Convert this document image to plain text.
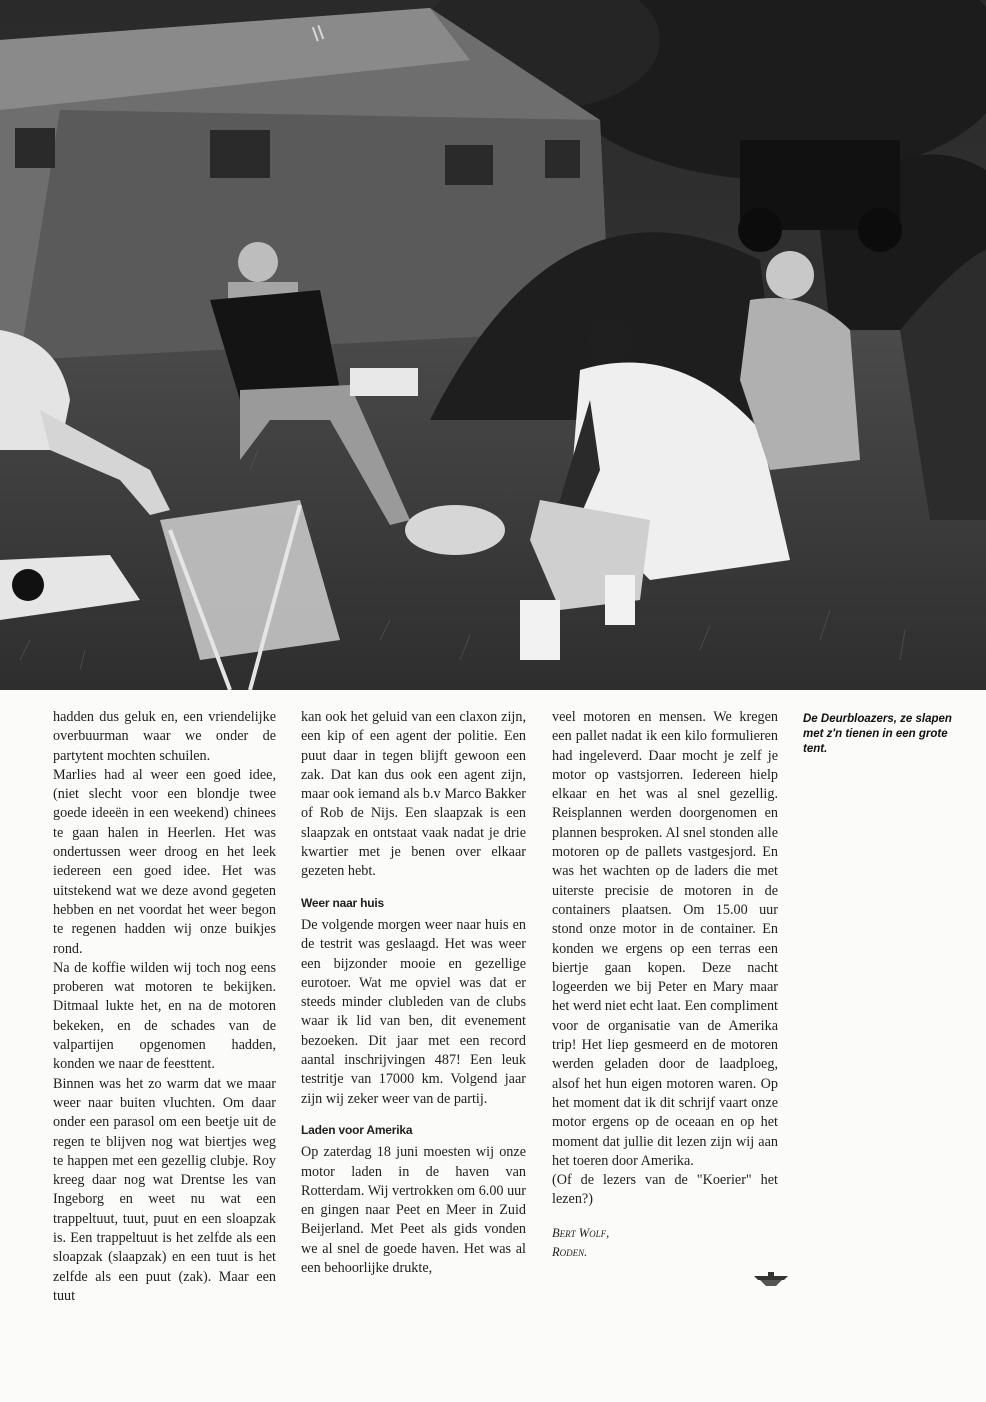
II

hadden dus geluk en, een vriendelijke overbuurman waar we onder de partytent mochten schuilen.

Marlies had al weer een goed idee, (niet slecht voor een blondje twee goede ideeën in een weekend) chinees te gaan halen in Heerlen. Het was ondertussen weer droog en het leek iedereen een goed idee. Het was uitstekend wat we deze avond gegeten hebben en net voordat het weer begon te regenen hadden wij onze buikjes rond.

Na de koffie wilden wij toch nog eens proberen wat motoren te bekijken. Ditmaal lukte het, en na de motoren bekeken, en de schades van de valpartijen opgenomen hadden, konden we naar de feesttent.

Binnen was het zo warm dat we maar weer naar buiten vluchten. Om daar onder een parasol om een beetje uit de regen te blijven nog wat biertjes weg te happen met een gezellig clubje. Roy kreeg daar nog wat Drentse les van Ingeborg en weet nu wat een trappeltuut, tuut, puut en een sloapzak is. Een trappeltuut is het zelfde als een sloapzak (slaapzak) en een tuut is het zelfde als een puut (zak). Maar een tuut

kan ook het geluid van een claxon zijn, een kip of een agent der politie. Een puut daar in tegen blijft gewoon een zak. Dat kan dus ook een agent zijn, maar ook iemand als b.v Marco Bakker of Rob de Nijs. Een slaapzak is een slaapzak en ontstaat vaak nadat je drie kwartier met je benen over elkaar gezeten hebt.

Weer naar huis

De volgende morgen weer naar huis en de testrit was geslaagd. Het was weer een bijzonder mooie en gezellige eurotoer. Wat me opviel was dat er steeds minder clubleden van de clubs waar ik lid van ben, dit evenement bezoeken. Dit jaar met een record aantal inschrijvingen 487! Een leuk testritje van 17000 km. Volgend jaar zijn wij zeker weer van de partij.

Laden voor Amerika

Op zaterdag 18 juni moesten wij onze motor laden in de haven van Rotterdam. Wij vertrokken om 6.00 uur en gingen naar Peet en Meer in Zuid Beijerland. Met Peet als gids vonden we al snel de goede haven. Het was al een behoorlijke drukte,

veel motoren en mensen. We kregen een pallet nadat ik een kilo formulieren had ingeleverd. Daar mocht je zelf je motor op vastsjorren. Iedereen hielp elkaar en het was al snel gezellig. Reisplannen werden doorgenomen en plannen besproken. Al snel stonden alle motoren op de pallets vastgesjord. En was het wachten op de laders die met uiterste precisie de motoren in de containers plaatsen. Om 15.00 uur stond onze motor in de container. En konden we ergens op een terras een biertje gaan kopen. Deze nacht logeerden we bij Peter en Mary maar het werd niet echt laat. Een compliment voor de organisatie van de Amerika trip! Het liep gesmeerd en de motoren werden geladen door de laadploeg, alsof het hun eigen motoren waren. Op het moment dat ik dit schrijf vaart onze motor ergens op de oceaan en op het moment dat jullie dit lezen zijn wij aan het toeren door Amerika.

(Of de lezers van de "Koerier" het lezen?)

Bert Wolf,
Roden.
De Deurbloazers, ze slapen met z'n tienen in een grote tent.
